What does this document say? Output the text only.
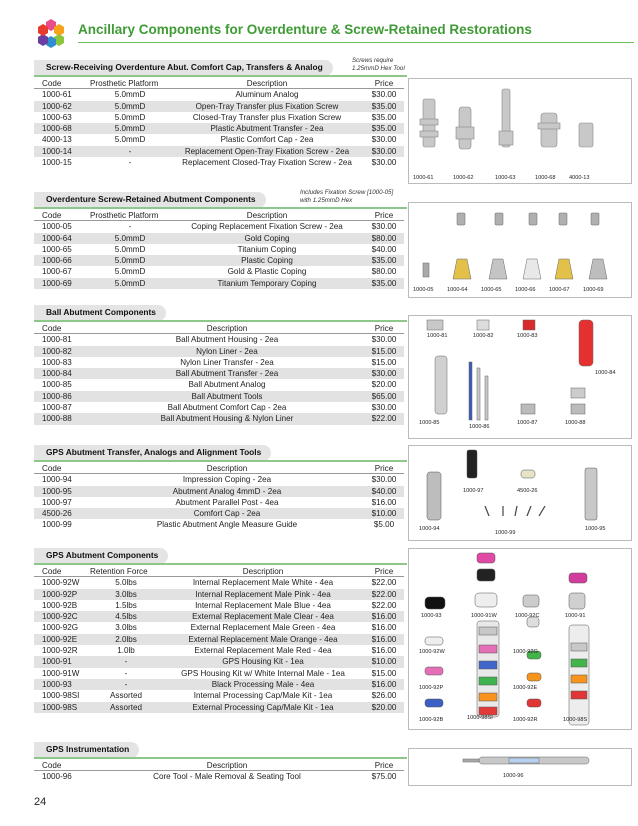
Ancillary Components for Overdenture & Screw-Retained Restorations
Screw-Receiving Overdenture Abut. Comfort Cap, Transfers & Analog
Screws require
1.25mmD Hex Tool
Code	Prosthetic Platform	Description	Price
1000-61	5.0mmD	Aluminum Analog	$30.00
1000-62	5.0mmD	Open-Tray Transfer plus Fixation Screw	$35.00
1000-63	5.0mmD	Closed-Tray Transfer plus Fixation Screw	$35.00
1000-68	5.0mmD	Plastic Abutment Transfer - 2ea	$35.00
4000-13	5.0mmD	Plastic Comfort Cap - 2ea	$30.00
1000-14	-	Replacement Open-Tray Fixation Screw - 2ea	$30.00
1000-15	-	Replacement Closed-Tray Fixation Screw - 2ea	$30.00
1000-61	1000-62	1000-63	1000-68 4000-13
Overdenture Screw-Retained Abutment Components
Includes Fixation Screw [1000-05]
with 1.25mmD Hex
Code	Prosthetic Platform	Description	Price
1000-05	-	Coping Replacement Fixation Screw - 2ea	$30.00
1000-64	5.0mmD	Gold Coping	$80.00
1000-65	5.0mmD	Titanium Coping	$40.00
1000-66	5.0mmD	Plastic Coping	$35.00
1000-67	5.0mmD	Gold & Plastic Coping	$80.00
1000-69	5.0mmD	Titanium Temporary Coping	$35.00
1000-05 1000-64 1000-65 1000-66 1000-67 1000-69
Ball Abutment Components
Code	Description	Price
1000-81	Ball Abutment Housing - 2ea	$30.00
1000-82	Nylon Liner - 2ea	$15.00
1000-83	Nylon Liner Transfer - 2ea	$15.00
1000-84	Ball Abutment Transfer - 2ea	$30.00
1000-85	Ball Abutment Analog	$20.00
1000-86	Ball Abutment Tools	$65.00
1000-87	Ball Abutment Comfort Cap - 2ea	$30.00
1000-88	Ball Abutment Housing & Nylon Liner	$22.00
1000-81	1000-82	1000-83
1000-84
1000-85
1000-86
1000-87	1000-88
GPS Abutment Transfer, Analogs and Alignment Tools
Code	Description	Price
1000-94	Impression Coping - 2ea	$30.00
1000-95	Abutment Analog 4mmD - 2ea	$40.00
1000-97	Abutment Parallel Post - 4ea	$16.00
4500-26	Comfort Cap - 2ea	$10.00
1000-99	Plastic Abutment Angle Measure Guide	$5.00
1000-97	4500-26
1000-94
1000-99
1000-95
GPS Abutment Components
Code	Retention Force	Description	Price
1000-92W	5.0lbs	Internal Replacement Male White - 4ea	$22.00
1000-92P	3.0lbs	Internal Replacement Male Pink - 4ea	$22.00
1000-92B	1.5lbs	Internal Replacement Male Blue - 4ea	$22.00
1000-92C	4.5lbs	External Replacement Male Clear - 4ea	$16.00
1000-92G	3.0lbs	External Replacement Male Green - 4ea	$16.00
1000-92E	2.0lbs	External Replacement Male Orange - 4ea	$16.00
1000-92R	1.0lb	External Replacement Male Red - 4ea	$16.00
1000-91	-	GPS Housing Kit - 1ea	$10.00
1000-91W	-	GPS Housing Kit w/ White Internal Male - 1ea	$15.00
1000-93	-	Black Processing Male - 4ea	$16.00
1000-98SI	Assorted	Internal Processing Cap/Male Kit - 1ea	$26.00
1000-98S	Assorted	External Processing Cap/Male Kit - 1ea	$20.00
1000-93	1000-91W	1000-92C	1000-91
1000-92W	1000-92G
1000-92P	1000-92E
1000-92B	1000-98SI	1000-92R	1000-98S
GPS Instrumentation
Code	Description	Price
1000-96	Core Tool - Male Removal & Seating Tool	$75.00	1000-96
24
